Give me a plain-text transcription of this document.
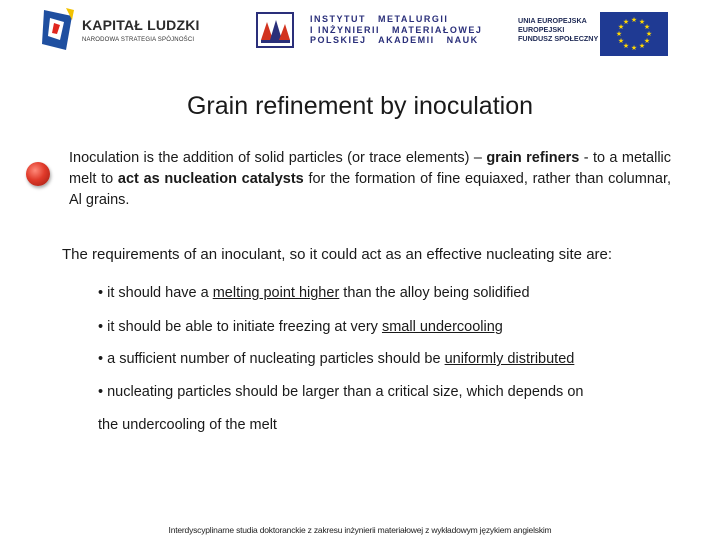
KAPITAŁ LUDZKI
NARODOWA STRATEGIA SPÓJNOŚCI
INSTYTUT   METALURGII
I INŻYNIERII   MATERIAŁOWEJ
POLSKIEJ   AKADEMII   NAUK
UNIA EUROPEJSKA
EUROPEJSKI
FUNDUSZ SPOŁECZNY
★ ★
★
★
★
★
★
★
★
★
★
★
Grain refinement by inoculation
Inoculation is the addition of solid particles (or trace elements) – grain refiners - to a metallic melt to act as nucleation catalysts for the formation of fine equiaxed, rather than columnar, Al grains.
The requirements of an inoculant, so it could act as an effective nucleating site are:
• it should have a melting point higher than the alloy being solidified
• it should be able to initiate freezing at very small undercooling
• a sufficient number of nucleating particles should be uniformly distributed
• nucleating particles should be larger than a critical size, which depends on
the undercooling of the melt
Interdyscyplinarne studia doktoranckie z zakresu inżynierii materiałowej z wykładowym językiem angielskim
